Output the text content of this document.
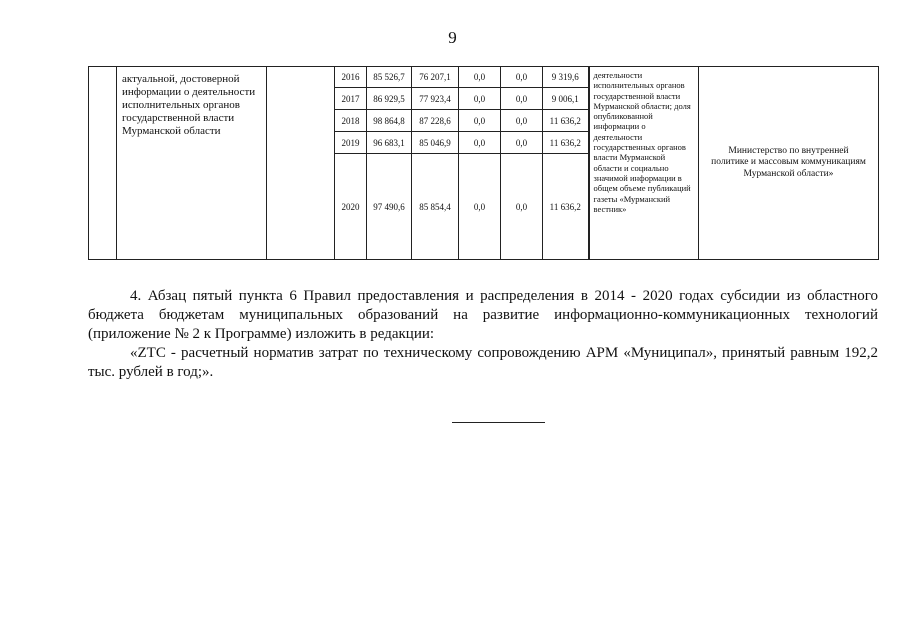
9
	актуальной, достоверной информации о деятельности исполнительных органов государственной власти Мурманской области		2016	85 526,7	76 207,1	0,0	0,0	9 319,6	деятельности исполнительных органов государственной власти Мурманской области; доля опубликованной информации о деятельности государственных органов власти Мурманской области и социально значимой информации в общем объеме публикаций газеты «Мурманский вестник»	Министерство по внутренней политике и массовым коммуникациям Мурманской области»
			2017	86 929,5	77 923,4	0,0	0,0	9 006,1		
			2018	98 864,8	87 228,6	0,0	0,0	11 636,2		
			2019	96 683,1	85 046,9	0,0	0,0	11 636,2		
			2020	97 490,6	85 854,4	0,0	0,0	11 636,2		

4. Абзац пятый пункта 6 Правил предоставления и распределения в 2014 - 2020 годах субсидии из областного бюджета бюджетам муниципальных образований на развитие информационно-коммуникационных технологий (приложение № 2 к Программе) изложить в редакции:

«ZТС - расчетный норматив затрат по техническому сопровождению АРМ «Муниципал», принятый равным 192,2 тыс. рублей в год;».
